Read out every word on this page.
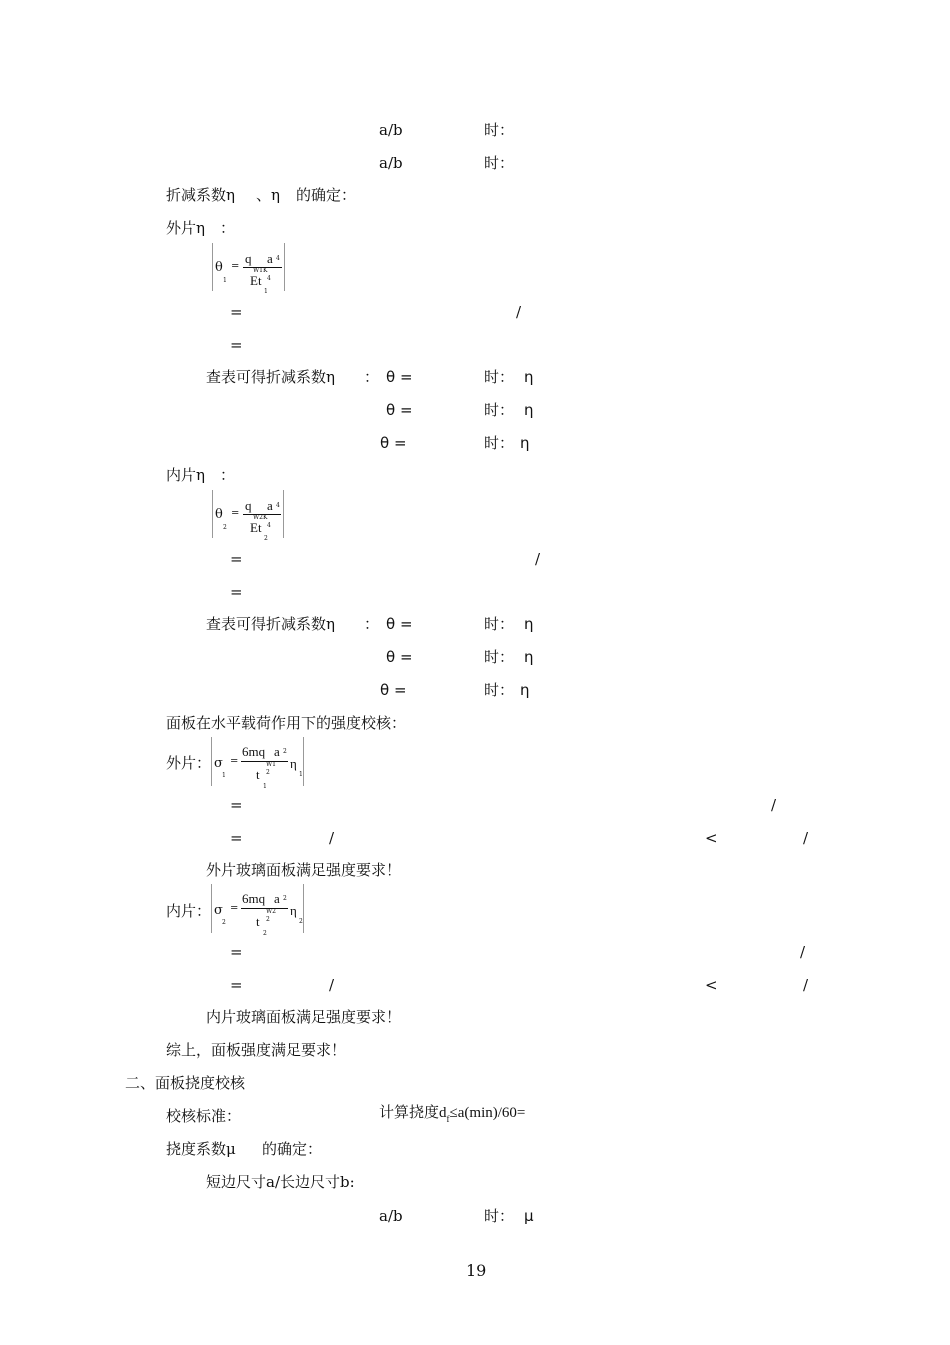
a/b	时：
a/b	时：
折减系数η 、η 的确定：
外片η ：
θ
1
=
q a 4
W1K
Et 4
1
=	/
=
查表可得折减系数η ： θ =	时： η
θ =	时： η
θ =	时： η
内片η ：
θ
2
=
q a 4
W2K
Et 4
2
=	/
=
查表可得折减系数η ： θ =	时： η
θ =	时： η
θ =	时： η
面板在水平载荷作用下的强度校核：
外片： σ
1
=
6mq a 2
W1
t 2
1
η
1
=	/
=	/	<	/
外片玻璃面板满足强度要求！
内片： σ
2
=
6mq a 2
W2
t 2
2
η
2
=	/
=	/	<	/
内片玻璃面板满足强度要求！
综上，面板强度满足要求！
二、面板挠度校核
校核标准：	计算挠度$d_f\le a(\min)/60=$
挠度系数μ 的确定：
短边尺寸a/长边尺寸b:
a/b	时： μ
19
